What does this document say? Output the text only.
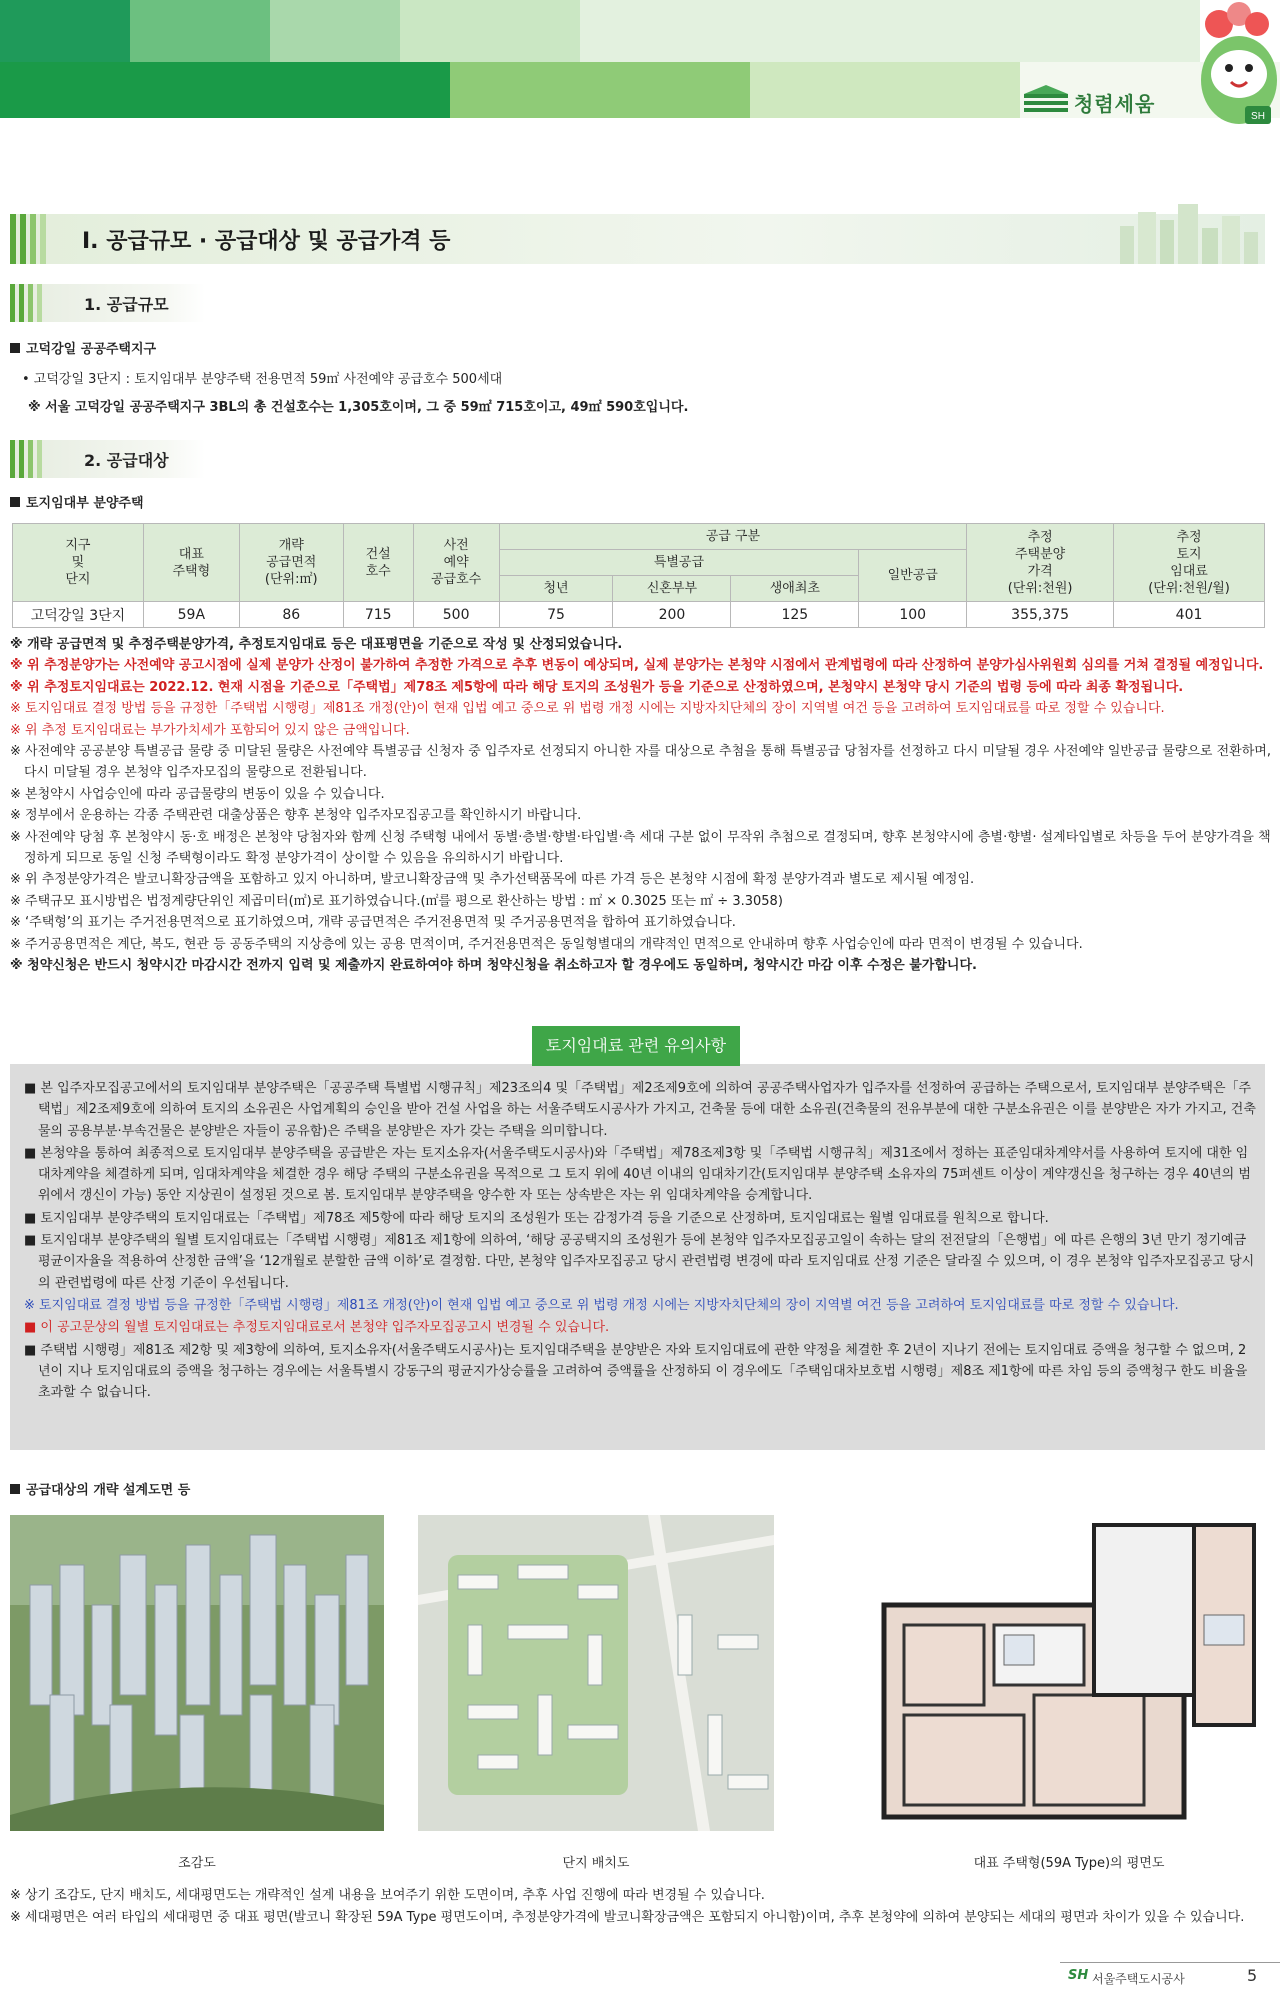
청렴세움
SH
Ⅰ. 공급규모 · 공급대상 및 공급가격 등
1. 공급규모
고덕강일 공공주택지구
• 고덕강일 3단지 : 토지임대부 분양주택 전용면적 59㎡ 사전예약 공급호수 500세대
※ 서울 고덕강일 공공주택지구 3BL의 총 건설호수는 1,305호이며, 그 중 59㎡ 715호이고, 49㎡ 590호입니다.
2. 공급대상
토지임대부 분양주택
지구
및
단지	대표
주택형	개략
공급면적
(단위:㎡)	건설
호수	사전
예약
공급호수	공급 구분				추정
주택분양
가격
(단위:천원)	추정
토지
임대료
(단위:천원/월)
					특별공급			일반공급		
					청년	신혼부부	생애최초			
고덕강일 3단지	59A	86	715	500	75	200	125	100	355,375	401

※ 개략 공급면적 및 추정주택분양가격, 추정토지임대료 등은 대표평면을 기준으로 작성 및 산정되었습니다.

※ 위 추정분양가는 사전예약 공고시점에 실제 분양가 산정이 불가하여 추정한 가격으로 추후 변동이 예상되며, 실제 분양가는 본청약 시점에서 관계법령에 따라 산정하여 분양가심사위원회 심의를 거쳐 결정될 예정입니다.

※ 위 추정토지임대료는 2022.12. 현재 시점을 기준으로「주택법」제78조 제5항에 따라 해당 토지의 조성원가 등을 기준으로 산정하였으며, 본청약시 본청약 당시 기준의 법령 등에 따라 최종 확정됩니다.

※ 토지임대료 결정 방법 등을 규정한「주택법 시행령」제81조 개정(안)이 현재 입법 예고 중으로 위 법령 개정 시에는 지방자치단체의 장이 지역별 여건 등을 고려하여 토지임대료를 따로 정할 수 있습니다.

※ 위 추정 토지임대료는 부가가치세가 포함되어 있지 않은 금액입니다.

※ 사전예약 공공분양 특별공급 물량 중 미달된 물량은 사전예약 특별공급 신청자 중 입주자로 선정되지 아니한 자를 대상으로 추첨을 통해 특별공급 당첨자를 선정하고 다시 미달될 경우 사전예약 일반공급 물량으로 전환하며, 다시 미달될 경우 본청약 입주자모집의 물량으로 전환됩니다.

※ 본청약시 사업승인에 따라 공급물량의 변동이 있을 수 있습니다.

※ 정부에서 운용하는 각종 주택관련 대출상품은 향후 본청약 입주자모집공고를 확인하시기 바랍니다.

※ 사전예약 당첨 후 본청약시 동·호 배정은 본청약 당첨자와 함께 신청 주택형 내에서 동별·층별·향별·타입별·측 세대 구분 없이 무작위 추첨으로 결정되며, 향후 본청약시에 층별·향별· 설계타입별로 차등을 두어 분양가격을 책정하게 되므로 동일 신청 주택형이라도 확정 분양가격이 상이할 수 있음을 유의하시기 바랍니다.

※ 위 추정분양가격은 발코니확장금액을 포함하고 있지 아니하며, 발코니확장금액 및 추가선택품목에 따른 가격 등은 본청약 시점에 확정 분양가격과 별도로 제시될 예정임.

※ 주택규모 표시방법은 법정계량단위인 제곱미터(㎡)로 표기하였습니다.(㎡를 평으로 환산하는 방법 : ㎡ × 0.3025 또는 ㎡ ÷ 3.3058)

※ ‘주택형’의 표기는 주거전용면적으로 표기하였으며, 개략 공급면적은 주거전용면적 및 주거공용면적을 합하여 표기하였습니다.

※ 주거공용면적은 계단, 복도, 현관 등 공동주택의 지상층에 있는 공용 면적이며, 주거전용면적은 동일형별대의 개략적인 면적으로 안내하며 향후 사업승인에 따라 면적이 변경될 수 있습니다.

※ 청약신청은 반드시 청약시간 마감시간 전까지 입력 및 제출까지 완료하여야 하며 청약신청을 취소하고자 할 경우에도 동일하며, 청약시간 마감 이후 수정은 불가합니다.

토지임대료 관련 유의사항

■ 본 입주자모집공고에서의 토지임대부 분양주택은「공공주택 특별법 시행규칙」제23조의4 및「주택법」제2조제9호에 의하여 공공주택사업자가 입주자를 선정하여 공급하는 주택으로서, 토지임대부 분양주택은「주택법」제2조제9호에 의하여 토지의 소유권은 사업계획의 승인을 받아 건설 사업을 하는 서울주택도시공사가 가지고, 건축물 등에 대한 소유권(건축물의 전유부분에 대한 구분소유권은 이를 분양받은 자가 가지고, 건축물의 공용부분·부속건물은 분양받은 자들이 공유함)은 주택을 분양받은 자가 갖는 주택을 의미합니다.

■ 본청약을 통하여 최종적으로 토지임대부 분양주택을 공급받은 자는 토지소유자(서울주택도시공사)와「주택법」제78조제3항 및「주택법 시행규칙」제31조에서 정하는 표준임대차계약서를 사용하여 토지에 대한 임대차계약을 체결하게 되며, 임대차계약을 체결한 경우 해당 주택의 구분소유권을 목적으로 그 토지 위에 40년 이내의 임대차기간(토지임대부 분양주택 소유자의 75퍼센트 이상이 계약갱신을 청구하는 경우 40년의 범위에서 갱신이 가능) 동안 지상권이 설정된 것으로 봄. 토지임대부 분양주택을 양수한 자 또는 상속받은 자는 위 임대차계약을 승계합니다.

■ 토지임대부 분양주택의 토지임대료는「주택법」제78조 제5항에 따라 해당 토지의 조성원가 또는 감정가격 등을 기준으로 산정하며, 토지임대료는 월별 임대료를 원칙으로 합니다.

■ 토지임대부 분양주택의 월별 토지임대료는「주택법 시행령」제81조 제1항에 의하여, ‘해당 공공택지의 조성원가 등에 본청약 입주자모집공고일이 속하는 달의 전전달의「은행법」에 따른 은행의 3년 만기 정기예금 평균이자율을 적용하여 산정한 금액’을 ‘12개월로 분할한 금액 이하’로 결정함. 다만, 본청약 입주자모집공고 당시 관련법령 변경에 따라 토지임대료 산정 기준은 달라질 수 있으며, 이 경우 본청약 입주자모집공고 당시의 관련법령에 따른 산정 기준이 우선됩니다.

※ 토지임대료 결정 방법 등을 규정한「주택법 시행령」제81조 개정(안)이 현재 입법 예고 중으로 위 법령 개정 시에는 지방자치단체의 장이 지역별 여건 등을 고려하여 토지임대료를 따로 정할 수 있습니다.

■ 이 공고문상의 월별 토지임대료는 추정토지임대료로서 본청약 입주자모집공고시 변경될 수 있습니다.

■ 주택법 시행령」제81조 제2항 및 제3항에 의하여, 토지소유자(서울주택도시공사)는 토지임대주택을 분양받은 자와 토지임대료에 관한 약정을 체결한 후 2년이 지나기 전에는 토지임대료 증액을 청구할 수 없으며, 2년이 지나 토지임대료의 증액을 청구하는 경우에는 서울특별시 강동구의 평균지가상승률을 고려하여 증액률을 산정하되 이 경우에도「주택임대차보호법 시행령」제8조 제1항에 따른 차임 등의 증액청구 한도 비율을 초과할 수 없습니다.

공급대상의 개략 설계도면 등
조감도	단지 배치도	대표 주택형(59A Type)의 평면도
※ 상기 조감도, 단지 배치도, 세대평면도는 개략적인 설계 내용을 보여주기 위한 도면이며, 추후 사업 진행에 따라 변경될 수 있습니다.
※ 세대평면은 여러 타입의 세대평면 중 대표 평면(발코니 확장된 59A Type 평면도이며, 추정분양가격에 발코니확장금액은 포함되지 아니함)이며, 추후 본청약에 의하여 분양되는 세대의 평면과 차이가 있을 수 있습니다.
SH 서울주택도시공사	5
